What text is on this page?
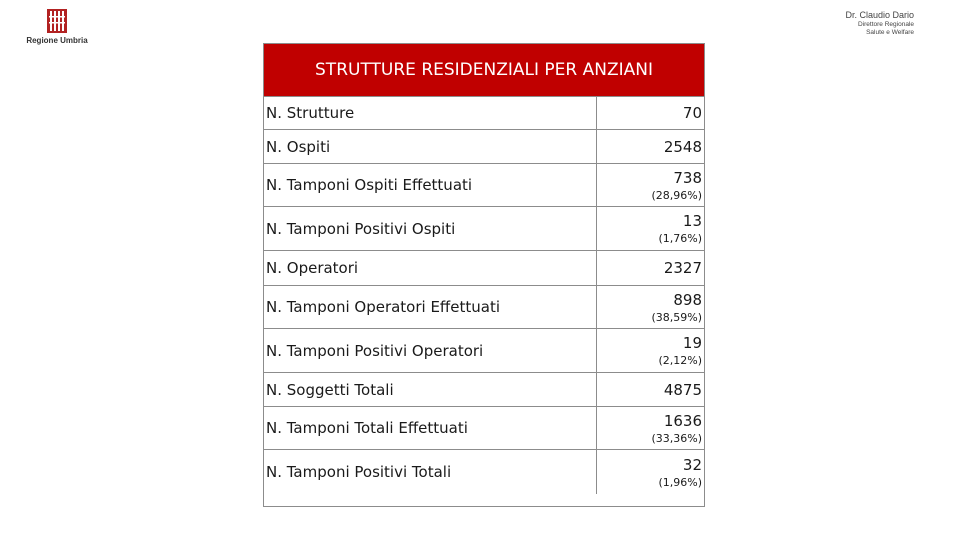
Regione Umbria
Dr. Claudio Dario
Direttore Regionale
Salute e Welfare
STRUTTURE RESIDENZIALI PER ANZIANI
N. Strutture	70
N. Ospiti	2548
N. Tamponi Ospiti Effettuati	738
(28,96%)
N. Tamponi Positivi Ospiti	13
(1,76%)
N. Operatori	2327
N. Tamponi Operatori Effettuati	898
(38,59%)
N. Tamponi Positivi Operatori	19
(2,12%)
N. Soggetti Totali	4875
N. Tamponi Totali Effettuati	1636
(33,36%)
N. Tamponi Positivi Totali	32
(1,96%)
